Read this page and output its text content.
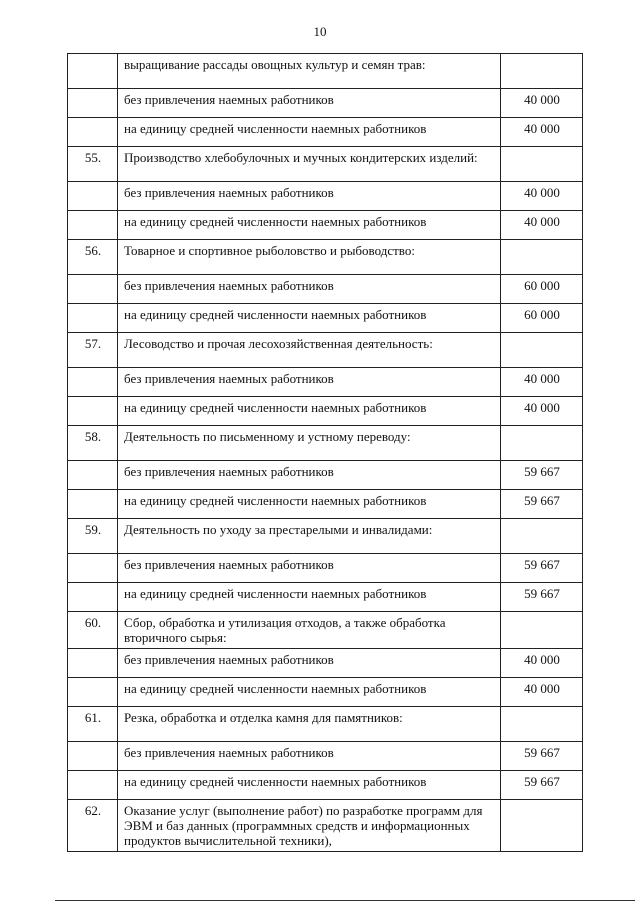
10
	выращивание рассады овощных культур и семян трав:	
	без привлечения наемных работников	40 000
	на единицу средней численности наемных работников	40 000
55.	Производство хлебобулочных и мучных кондитерских изделий:	
	без привлечения наемных работников	40 000
	на единицу средней численности наемных работников	40 000
56.	Товарное и спортивное рыболовство и рыбоводство:	
	без привлечения наемных работников	60 000
	на единицу средней численности наемных работников	60 000
57.	Лесоводство и прочая лесохозяйственная деятельность:	
	без привлечения наемных работников	40 000
	на единицу средней численности наемных работников	40 000
58.	Деятельность по письменному и устному переводу:	
	без привлечения наемных работников	59 667
	на единицу средней численности наемных работников	59 667
59.	Деятельность по уходу за престарелыми и инвалидами:	
	без привлечения наемных работников	59 667
	на единицу средней численности наемных работников	59 667
60.	Сбор, обработка и утилизация отходов, а также обработка вторичного сырья:	
	без привлечения наемных работников	40 000
	на единицу средней численности наемных работников	40 000
61.	Резка, обработка и отделка камня для памятников:	
	без привлечения наемных работников	59 667
	на единицу средней численности наемных работников	59 667
62.	Оказание услуг (выполнение работ) по разработке программ для ЭВМ и баз данных (программных средств и информационных продуктов вычислительной техники),	
